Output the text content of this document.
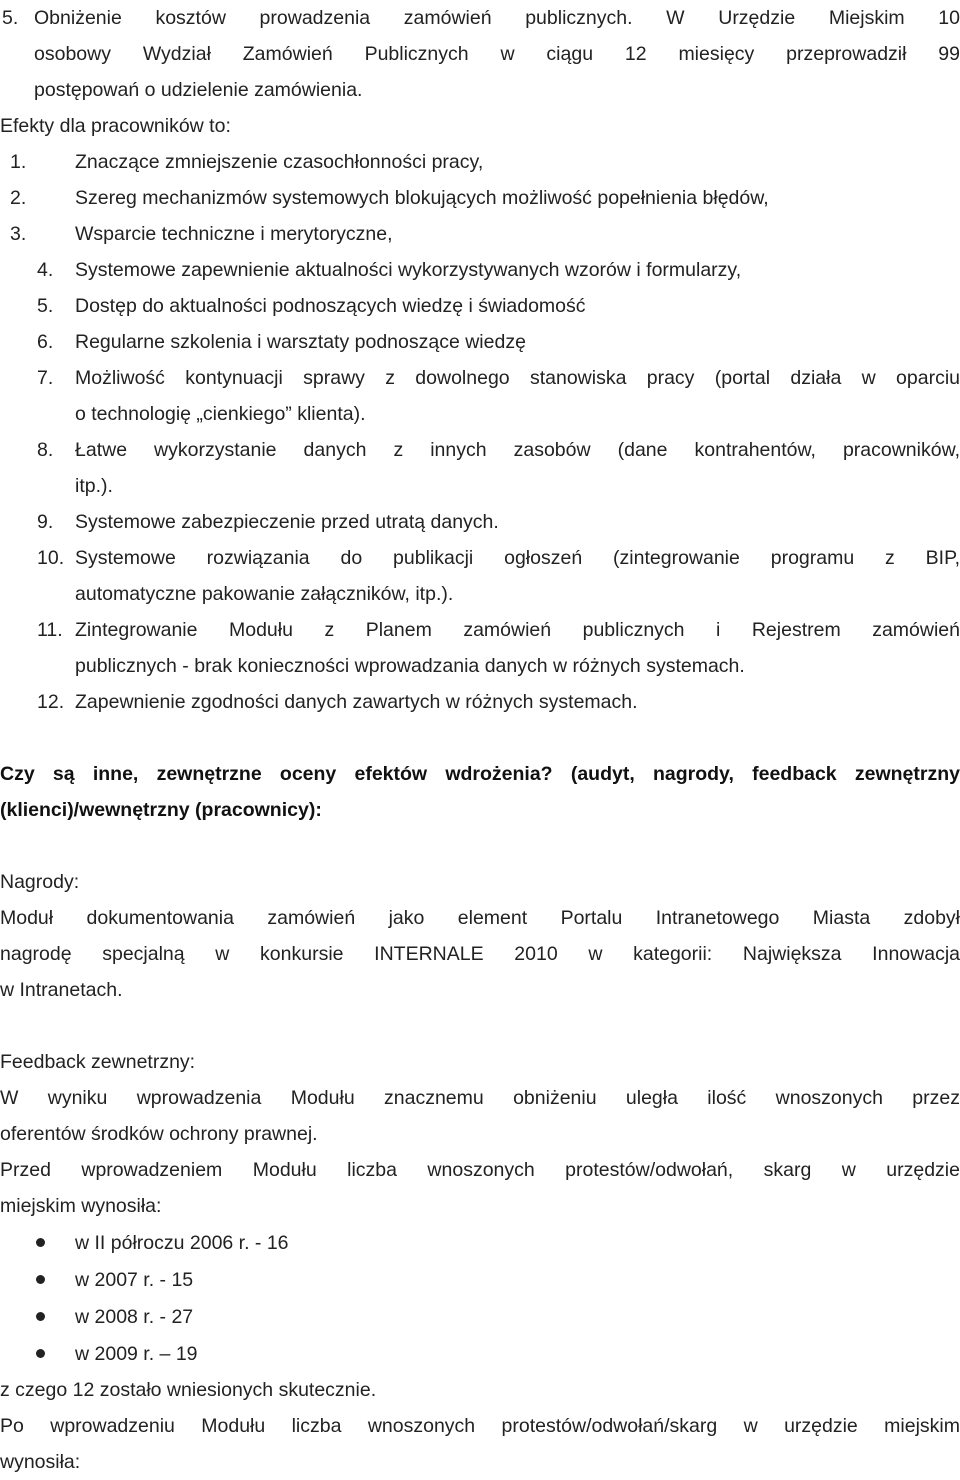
5. Obniżenie kosztów prowadzenia zamówień publicznych. W Urzędzie Miejskim 10
osobowy Wydział Zamówień Publicznych w ciągu 12 miesięcy przeprowadził 99
postępowań o udzielenie zamówienia.
Efekty dla pracowników to:
1.	Znaczące zmniejszenie czasochłonności pracy,
2.	Szereg mechanizmów systemowych blokujących możliwość popełnienia błędów,
3.	Wsparcie techniczne i merytoryczne,
4.	Systemowe zapewnienie aktualności wykorzystywanych wzorów i formularzy,
5.	Dostęp do aktualności podnoszących wiedzę i świadomość
6.	Regularne szkolenia i warsztaty podnoszące wiedzę
7.	Możliwość kontynuacji sprawy z dowolnego stanowiska pracy (portal działa w oparciu
o technologię „cienkiego” klienta).
8.	Łatwe wykorzystanie danych z innych zasobów (dane kontrahentów, pracowników,
itp.).
9.	Systemowe zabezpieczenie przed utratą danych.
10. Systemowe rozwiązania do publikacji ogłoszeń (zintegrowanie programu z BIP,
automatyczne pakowanie załączników, itp.).
11. Zintegrowanie Modułu z Planem zamówień publicznych i Rejestrem zamówień
publicznych - brak konieczności wprowadzania danych w różnych systemach.
12. Zapewnienie zgodności danych zawartych w różnych systemach.
Czy są inne, zewnętrzne oceny efektów wdrożenia? (audyt, nagrody, feedback zewnętrzny
(klienci)/wewnętrzny (pracownicy):
Nagrody:
Moduł dokumentowania zamówień jako element Portalu Intranetowego Miasta zdobył
nagrodę specjalną w konkursie INTERNALE 2010 w kategorii: Największa Innowacja
w Intranetach.
Feedback zewnetrzny:
W wyniku wprowadzenia Modułu znacznemu obniżeniu uległa ilość wnoszonych przez
oferentów środków ochrony prawnej.
Przed wprowadzeniem Modułu liczba wnoszonych protestów/odwołań, skarg w urzędzie
miejskim wynosiła:
w II półroczu 2006 r. - 16
w 2007 r. - 15
w 2008 r. - 27
w 2009 r. – 19
z czego 12 zostało wniesionych skutecznie.
Po wprowadzeniu Modułu liczba wnoszonych protestów/odwołań/skarg w urzędzie miejskim
wynosiła:
